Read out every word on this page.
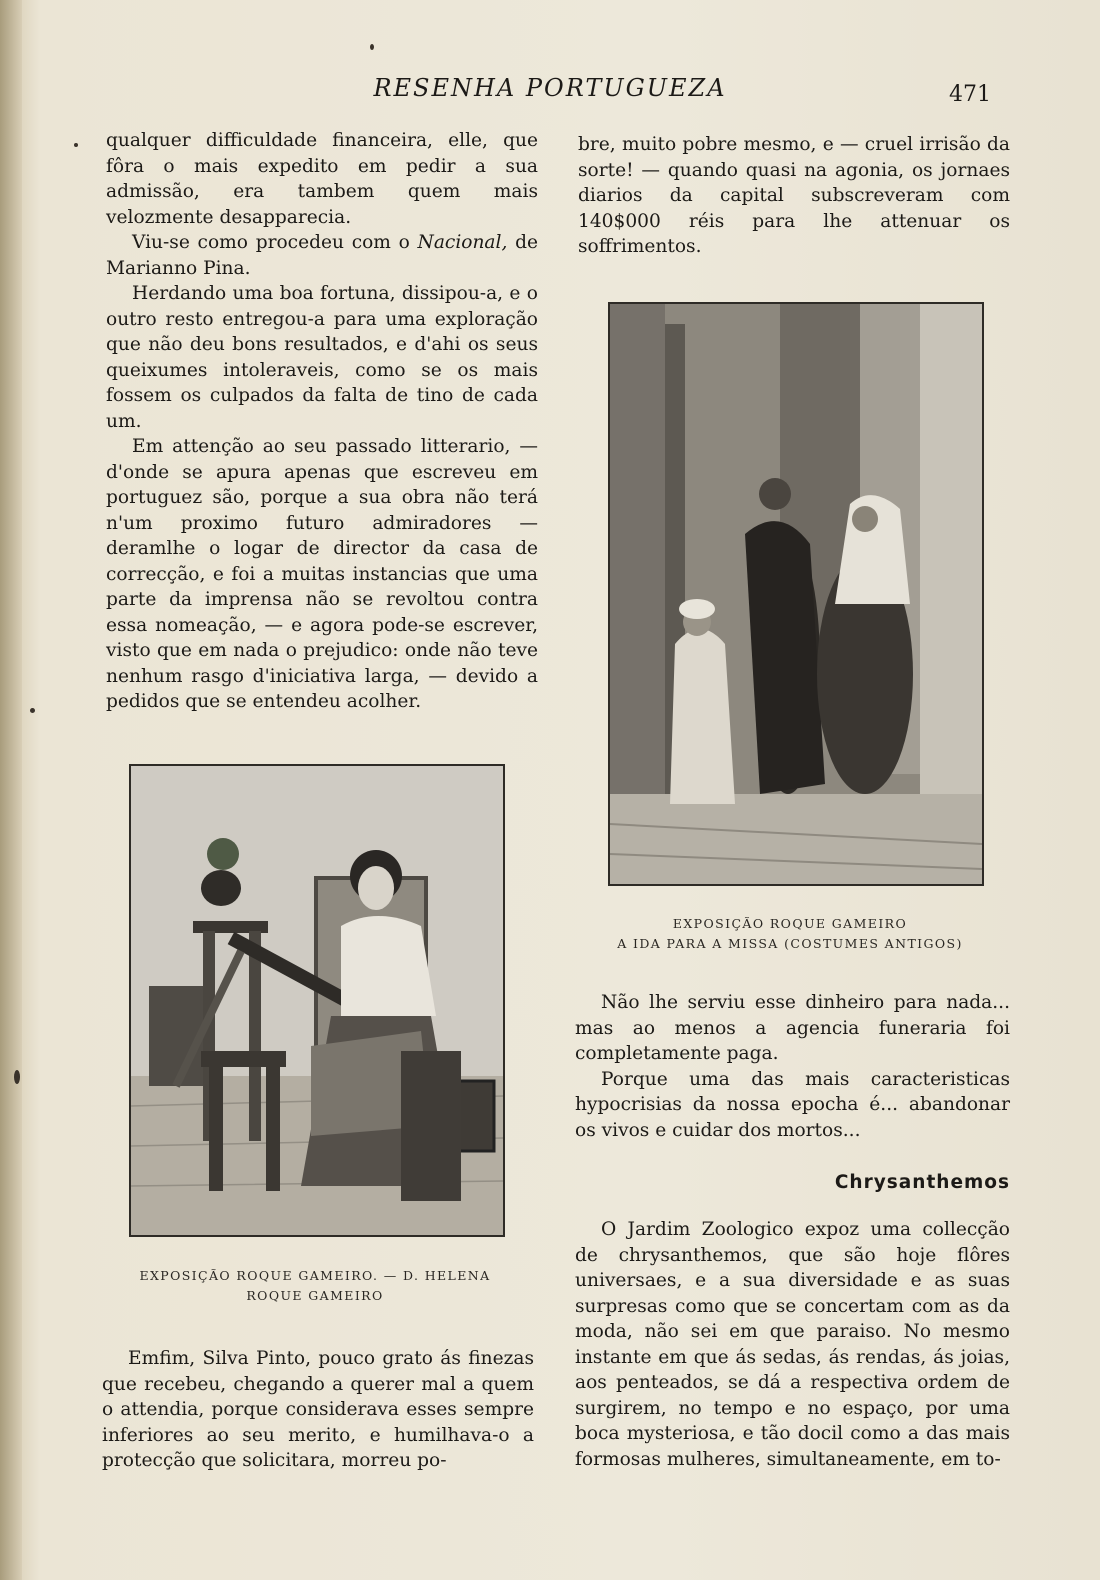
RESENHA PORTUGUEZA	471

qualquer difficuldade financeira, elle, que fôra o mais expedito em pedir a sua admissão, era tambem quem mais velozmente desapparecia.

Viu-se como procedeu com o Nacional, de Marianno Pina.

Herdando uma boa fortuna, dissipou-a, e o outro resto entregou-a para uma exploração que não deu bons resultados, e d'ahi os seus queixumes intoleraveis, como se os mais fossem os culpados da falta de tino de cada um.

Em attenção ao seu passado litterario, — d'onde se apura apenas que escreveu em portuguez são, porque a sua obra não terá n'um proximo futuro admiradores — deramlhe o logar de director da casa de correcção, e foi a muitas instancias que uma parte da imprensa não se revoltou contra essa nomeação, — e agora pode-se escrever, visto que em nada o prejudico: onde não teve nenhum rasgo d'iniciativa larga, — devido a pedidos que se entendeu acolher.

bre, muito pobre mesmo, e — cruel irrisão da sorte! — quando quasi na agonia, os jornaes diarios da capital subscreveram com 140$000 réis para lhe attenuar os soffrimentos.

EXPOSIÇÃO ROQUE GAMEIRO
A IDA PARA A MISSA (COSTUMES ANTIGOS)

Não lhe serviu esse dinheiro para nada... mas ao menos a agencia funeraria foi completamente paga.

Porque uma das mais caracteristicas hypocrisias da nossa epocha é... abandonar os vivos e cuidar dos mortos...

Chrysanthemos

O Jardim Zoologico expoz uma collecção de chrysanthemos, que são hoje flôres universaes, e a sua diversidade e as suas surpresas como que se concertam com as da moda, não sei em que paraiso. No mesmo instante em que ás sedas, ás rendas, ás joias, aos penteados, se dá a respectiva ordem de surgirem, no tempo e no espaço, por uma boca mysteriosa, e tão docil como a das mais formosas mulheres, simultaneamente, em to-

EXPOSIÇÃO ROQUE GAMEIRO. — D. HELENA
ROQUE GAMEIRO

Emfim, Silva Pinto, pouco grato ás finezas que recebeu, chegando a querer mal a quem o attendia, porque considerava esses sempre inferiores ao seu merito, e humilhava-o a protecção que solicitara, morreu po-
